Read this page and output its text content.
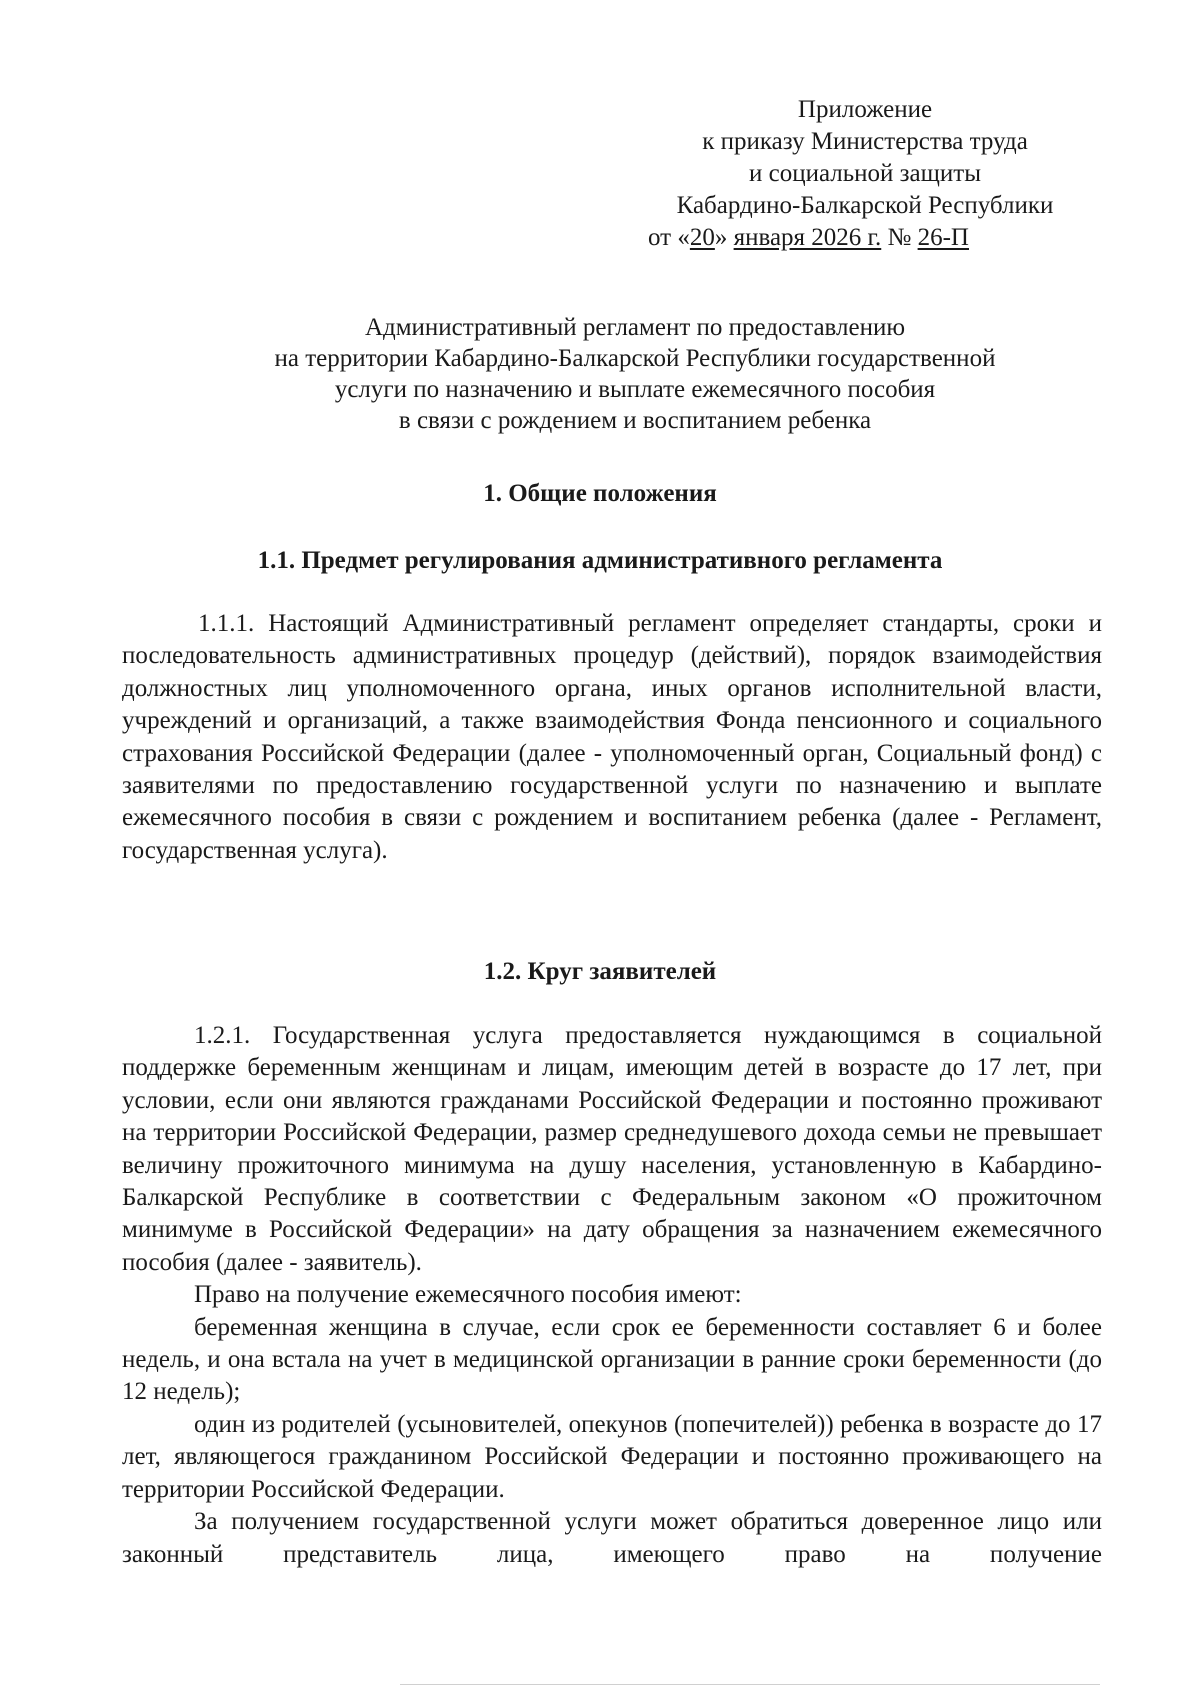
Приложение
к приказу Министерства труда
и социальной защиты
Кабардино-Балкарской Республики
от «20» января 2026 г. № 26-П
Административный регламент по предоставлению
на территории Кабардино-Балкарской Республики государственной
услуги по назначению и выплате ежемесячного пособия
в связи с рождением и воспитанием ребенка
1. Общие положения
1.1. Предмет регулирования административного регламента

1.1.1. Настоящий Административный регламент определяет стандарты, сроки и последовательность административных процедур (действий), порядок взаимодействия должностных лиц уполномоченного органа, иных органов исполнительной власти, учреждений и организаций, а также взаимодействия Фонда пенсионного и социального страхования Российской Федерации (далее - уполномоченный орган, Социальный фонд) с заявителями по предоставлению государственной услуги по назначению и выплате ежемесячного пособия в связи с рождением и воспитанием ребенка (далее - Регламент, государственная услуга).

1.2. Круг заявителей

1.2.1. Государственная услуга предоставляется нуждающимся в социальной поддержке беременным женщинам и лицам, имеющим детей в возрасте до 17 лет, при условии, если они являются гражданами Российской Федерации и постоянно проживают на территории Российской Федерации, размер среднедушевого дохода семьи не превышает величину прожиточного минимума на душу населения, установленную в Кабардино-Балкарской Республике в соответствии с Федеральным законом «О прожиточном минимуме в Российской Федерации» на дату обращения за назначением ежемесячного пособия (далее - заявитель).

Право на получение ежемесячного пособия имеют:

беременная женщина в случае, если срок ее беременности составляет 6 и более недель, и она встала на учет в медицинской организации в ранние сроки беременности (до 12 недель);

один из родителей (усыновителей, опекунов (попечителей)) ребенка в возрасте до 17 лет, являющегося гражданином Российской Федерации и постоянно проживающего на территории Российской Федерации.

За получением государственной услуги может обратиться доверенное лицо или законный представитель лица, имеющего право на получение
